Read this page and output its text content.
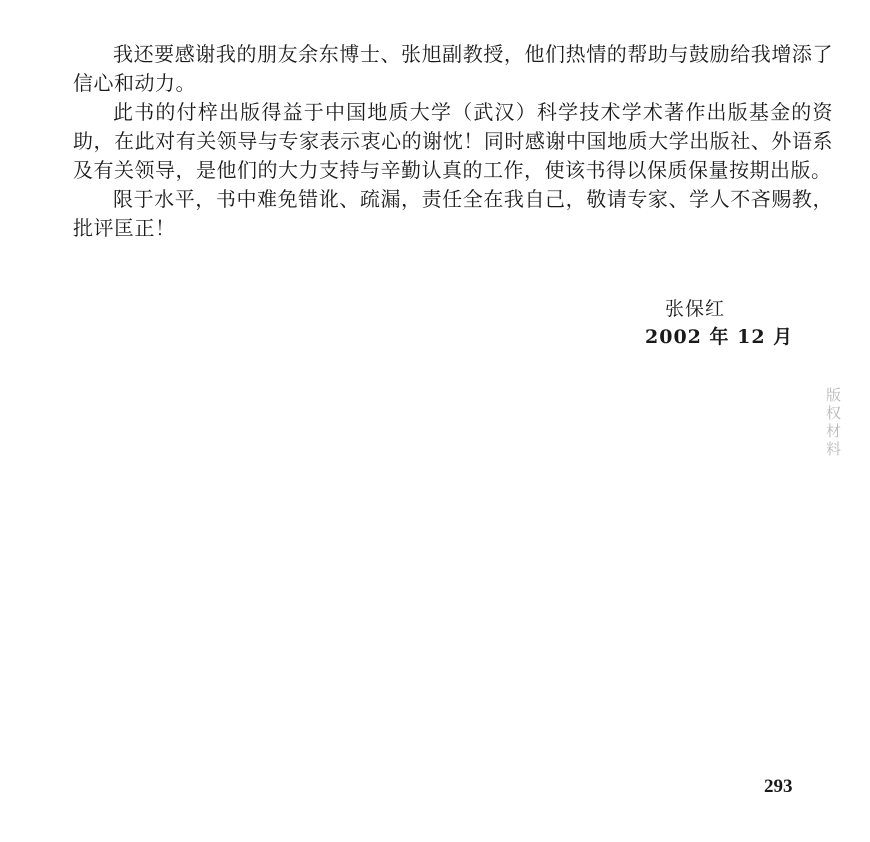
我还要感谢我的朋友余东博士、张旭副教授，他们热情的帮助与鼓励给我增添了信心和动力。

此书的付梓出版得益于中国地质大学（武汉）科学技术学术著作出版基金的资助，在此对有关领导与专家表示衷心的谢忱！同时感谢中国地质大学出版社、外语系及有关领导，是他们的大力支持与辛勤认真的工作，使该书得以保质保量按期出版。

限于水平，书中难免错讹、疏漏，责任全在我自己，敬请专家、学人不吝赐教，批评匡正！

张保红
2002 年 12 月
版权材料
293
